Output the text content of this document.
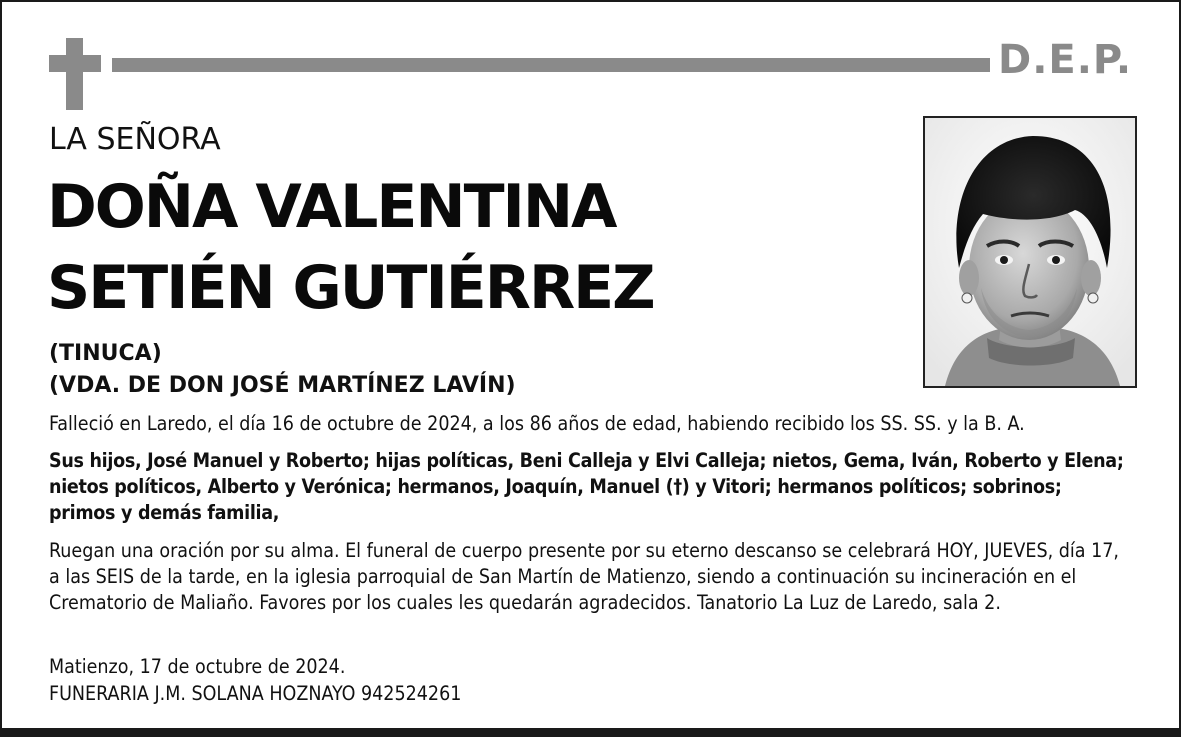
D.E.P.
LA SEÑORA
DOÑA VALENTINA
SETIÉN GUTIÉRREZ
(TINUCA)
(VDA. DE DON JOSÉ MARTÍNEZ LAVÍN)

Falleció en Laredo, el día 16 de octubre de 2024, a los 86 años de edad, habiendo recibido los SS. SS. y la B. A.

Sus hijos, José Manuel y Roberto; hijas políticas, Beni Calleja y Elvi Calleja; nietos, Gema, Iván, Roberto y Elena; nietos políticos, Alberto y Verónica; hermanos, Joaquín, Manuel (†) y Vitori; hermanos políticos; sobrinos; primos y demás familia,

Ruegan una oración por su alma. El funeral de cuerpo presente por su eterno descanso se celebrará HOY, JUEVES, día 17, a las SEIS de la tarde, en la iglesia parroquial de San Martín de Matienzo, siendo a continuación su incineración en el Crematorio de Maliaño. Favores por los cuales les quedarán agradecidos. Tanatorio La Luz de Laredo, sala 2.

Matienzo, 17 de octubre de 2024.

FUNERARIA J.M. SOLANA HOZNAYO 942524261
